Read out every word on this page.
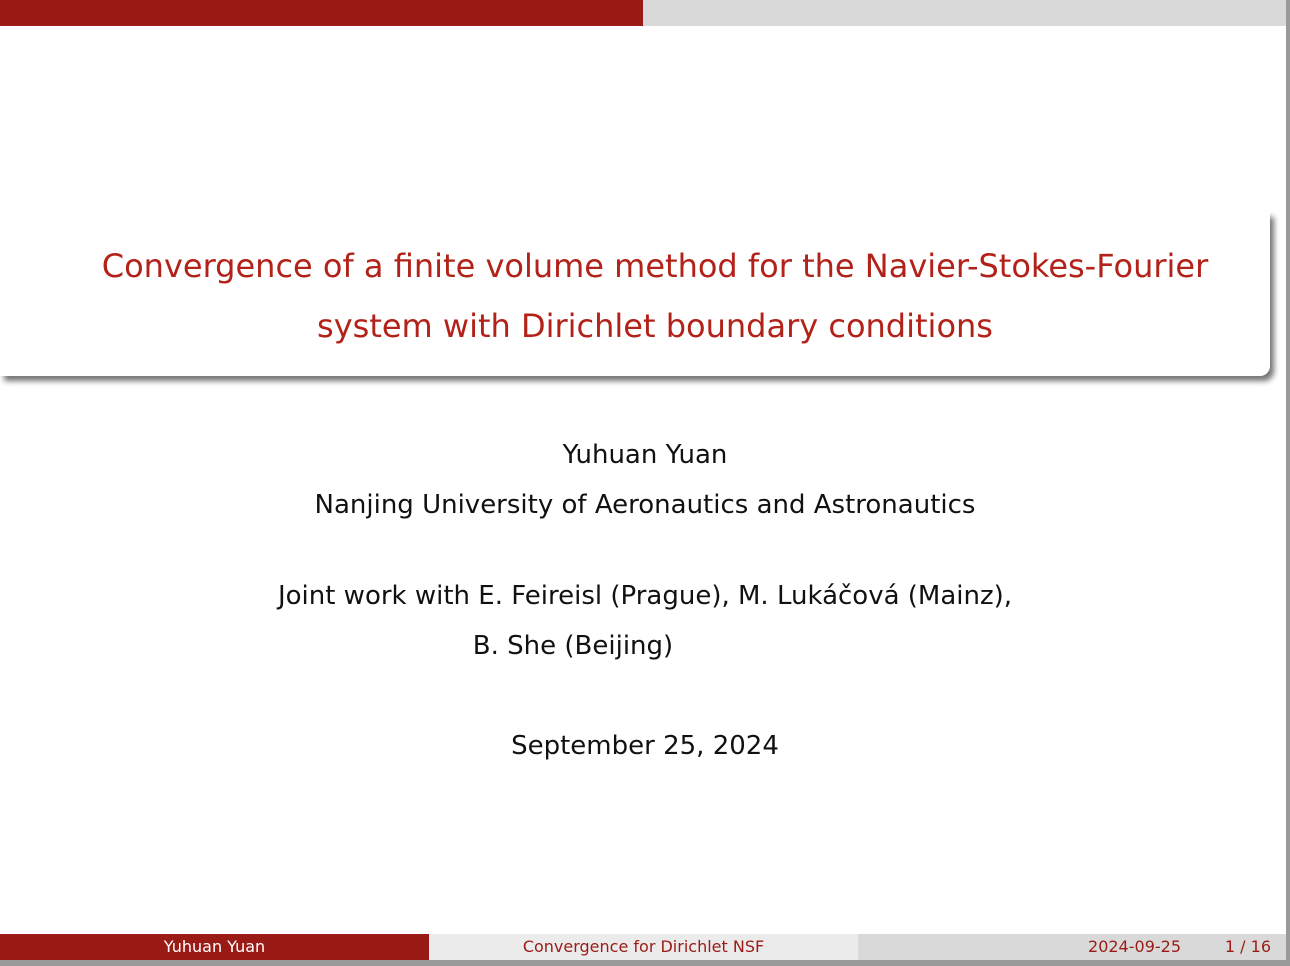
Convergence of a finite volume method for the Navier-Stokes-Fourier
system with Dirichlet boundary conditions
Yuhuan Yuan
Nanjing University of Aeronautics and Astronautics
Joint work with E. Feireisl (Prague), M. Lukáčová (Mainz),
B. She (Beijing)
September 25, 2024
Yuhuan Yuan	Convergence for Dirichlet NSF	2024-09-25	1 / 16
